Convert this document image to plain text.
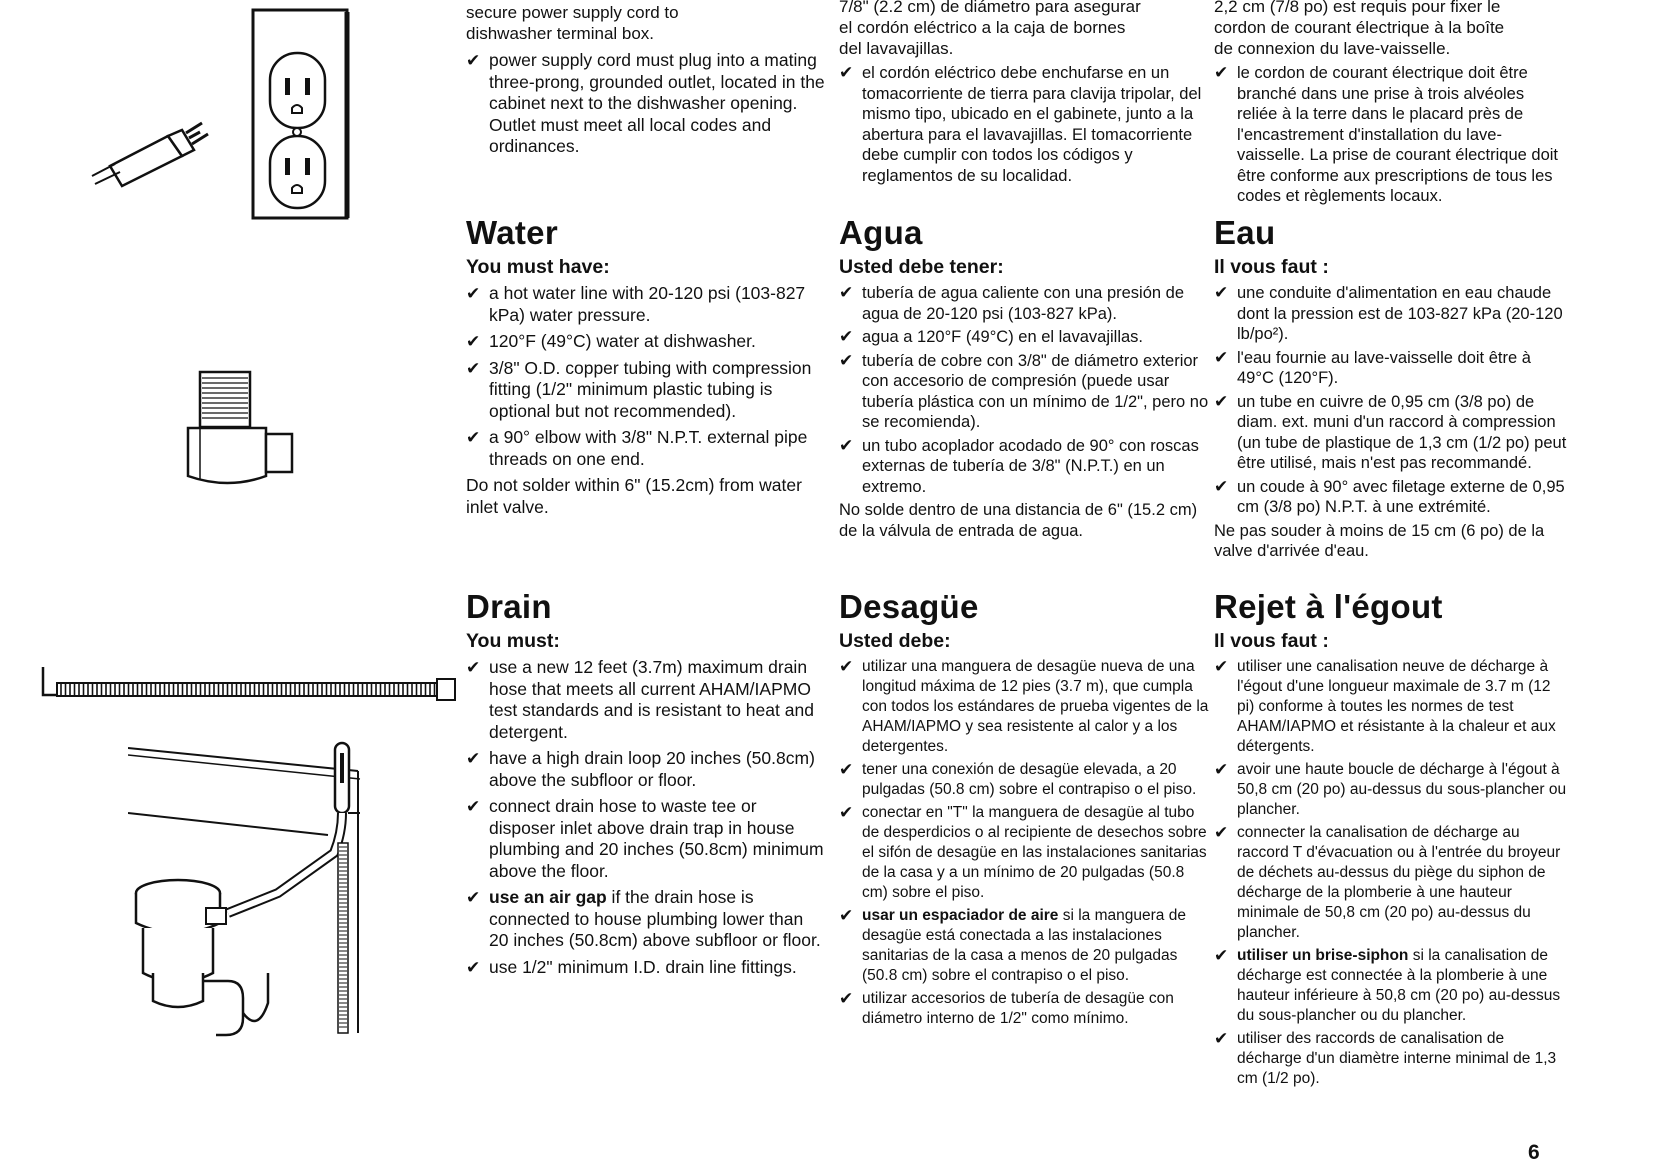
secure power supply cord to

dishwasher terminal box.

✔ power supply cord must plug into a mating three-prong, grounded outlet, located in the cabinet next to the dishwasher opening. Outlet must meet all local codes and ordinances.
Water
You must have:
✔ a hot water line with 20-120 psi (103-827 kPa) water pressure.
✔ 120°F (49°C) water at dishwasher.
✔ 3/8" O.D. copper tubing with compression fitting (1/2" minimum plastic tubing is optional but not recommended).
✔ a 90° elbow with 3/8" N.P.T. external pipe threads on one end.

Do not solder within 6" (15.2cm) from water inlet valve.

Drain
You must:
✔ use a new 12 feet (3.7m) maximum drain hose that meets all current AHAM/IAPMO test standards and is resistant to heat and detergent.
✔ have a high drain loop 20 inches (50.8cm) above the subfloor or floor.
✔ connect drain hose to waste tee or disposer inlet above drain trap in house plumbing and 20 inches (50.8cm) minimum above the floor.
✔ use an air gap if the drain hose is connected to house plumbing lower than 20 inches (50.8cm) above subfloor or floor.
✔ use 1/2" minimum I.D. drain line fittings.

7/8" (2.2 cm) de diámetro para asegurar

el cordón eléctrico a la caja de bornes

del lavavajillas.

✔ el cordón eléctrico debe enchufarse en un tomacorriente de tierra para clavija tripolar, del mismo tipo, ubicado en el gabinete, junto a la abertura para el lavavajillas. El tomacorriente debe cumplir con todos los códigos y reglamentos de su localidad.
Agua
Usted debe tener:
✔ tubería de agua caliente con una presión de agua de 20-120 psi (103-827 kPa).
✔ agua a 120°F (49°C) en el lavavajillas.
✔ tubería de cobre con 3/8" de diámetro exterior con accesorio de compresión (puede usar tubería plástica con un mínimo de 1/2", pero no se recomienda).
✔ un tubo acoplador acodado de 90° con roscas externas de tubería de 3/8" (N.P.T.) en un extremo.

No solde dentro de una distancia de 6" (15.2 cm) de la válvula de entrada de agua.

Desagüe
Usted debe:
✔ utilizar una manguera de desagüe nueva de una longitud máxima de 12 pies (3.7 m), que cumpla con todos los estándares de prueba vigentes de la AHAM/IAPMO y sea resistente al calor y a los detergentes.
✔ tener una conexión de desagüe elevada, a 20 pulgadas (50.8 cm) sobre el contrapiso o el piso.
✔ conectar en "T" la manguera de desagüe al tubo de desperdicios o al recipiente de desechos sobre el sifón de desagüe en las instalaciones sanitarias de la casa y a un mínimo de 20 pulgadas (50.8 cm) sobre el piso.
✔ usar un espaciador de aire si la manguera de desagüe está conectada a las instalaciones sanitarias de la casa a menos de 20 pulgadas (50.8 cm) sobre el contrapiso o el piso.
✔ utilizar accesorios de tubería de desagüe con diámetro interno de 1/2" como mínimo.

2,2 cm (7/8 po) est requis pour fixer le

cordon de courant électrique à la boîte

de connexion du lave-vaisselle.

✔ le cordon de courant électrique doit être branché dans une prise à trois alvéoles reliée à la terre dans le placard près de l'encastrement d'installation du lave-vaisselle. La prise de courant électrique doit être conforme aux prescriptions de tous les codes et règlements locaux.
Eau
Il vous faut :
✔ une conduite d'alimentation en eau chaude dont la pression est de 103-827 kPa (20-120 lb/po²).
✔ l'eau fournie au lave-vaisselle doit être à 49°C (120°F).
✔ un tube en cuivre de 0,95 cm (3/8 po) de diam. ext. muni d'un raccord à compression (un tube de plastique de 1,3 cm (1/2 po) peut être utilisé, mais n'est pas recommandé.
✔ un coude à 90° avec filetage externe de 0,95 cm (3/8 po) N.P.T. à une extrémité.

Ne pas souder à moins de 15 cm (6 po) de la valve d'arrivée d'eau.

Rejet à l'égout
Il vous faut :
✔ utiliser une canalisation neuve de décharge à l'égout d'une longueur maximale de 3.7 m (12 pi) conforme à toutes les normes de test AHAM/IAPMO et résistante à la chaleur et aux détergents.
✔ avoir une haute boucle de décharge à l'égout à 50,8 cm (20 po) au-dessus du sous-plancher ou plancher.
✔ connecter la canalisation de décharge au raccord T d'évacuation ou à l'entrée du broyeur de déchets au-dessus du piège du siphon de décharge de la plomberie à une hauteur minimale de 50,8 cm (20 po) au-dessus du plancher.
✔ utiliser un brise-siphon si la canalisation de décharge est connectée à la plomberie à une hauteur inférieure à 50,8 cm (20 po) au-dessus du sous-plancher ou du plancher.
✔ utiliser des raccords de canalisation de décharge d'un diamètre interne minimal de 1,3 cm (1/2 po).
6
